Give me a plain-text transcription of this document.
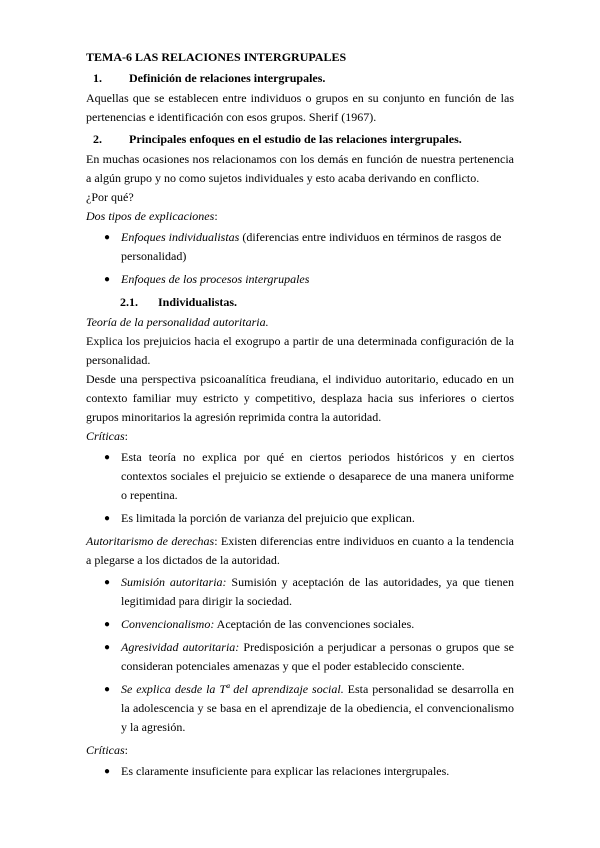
TEMA-6 LAS RELACIONES INTERGRUPALES

1.	Definición de relaciones intergrupales.

Aquellas que se establecen entre individuos o grupos en su conjunto en función de las pertenencias e identificación con esos grupos. Sherif (1967).

2.	Principales enfoques en el estudio de las relaciones intergrupales.

En muchas ocasiones nos relacionamos con los demás en función de nuestra pertenencia a algún grupo y no como sujetos individuales y esto acaba derivando en conflicto.

¿Por qué?

Dos tipos de explicaciones:

● Enfoques individualistas (diferencias entre individuos en términos de rasgos de personalidad)
● Enfoques de los procesos intergrupales
2.1.	Individualistas.

Teoría de la personalidad autoritaria.

Explica los prejuicios hacia el exogrupo a partir de una determinada configuración de la personalidad.

Desde una perspectiva psicoanalítica freudiana, el individuo autoritario, educado en un contexto familiar muy estricto y competitivo, desplaza hacia sus inferiores o ciertos grupos minoritarios la agresión reprimida contra la autoridad.

Críticas:

● Esta teoría no explica por qué en ciertos periodos históricos y en ciertos contextos sociales el prejuicio se extiende o desaparece de una manera uniforme o repentina.
● Es limitada la porción de varianza del prejuicio que explican.

Autoritarismo de derechas: Existen diferencias entre individuos en cuanto a la tendencia a plegarse a los dictados de la autoridad.

● Sumisión autoritaria: Sumisión y aceptación de las autoridades, ya que tienen legitimidad para dirigir la sociedad.
● Convencionalismo: Aceptación de las convenciones sociales.
● Agresividad autoritaria: Predisposición a perjudicar a personas o grupos que se consideran potenciales amenazas y que el poder establecido consciente.
● Se explica desde la Tª del aprendizaje social. Esta personalidad se desarrolla en la adolescencia y se basa en el aprendizaje de la obediencia, el convencionalismo y la agresión.

Críticas:

● Es claramente insuficiente para explicar las relaciones intergrupales.
